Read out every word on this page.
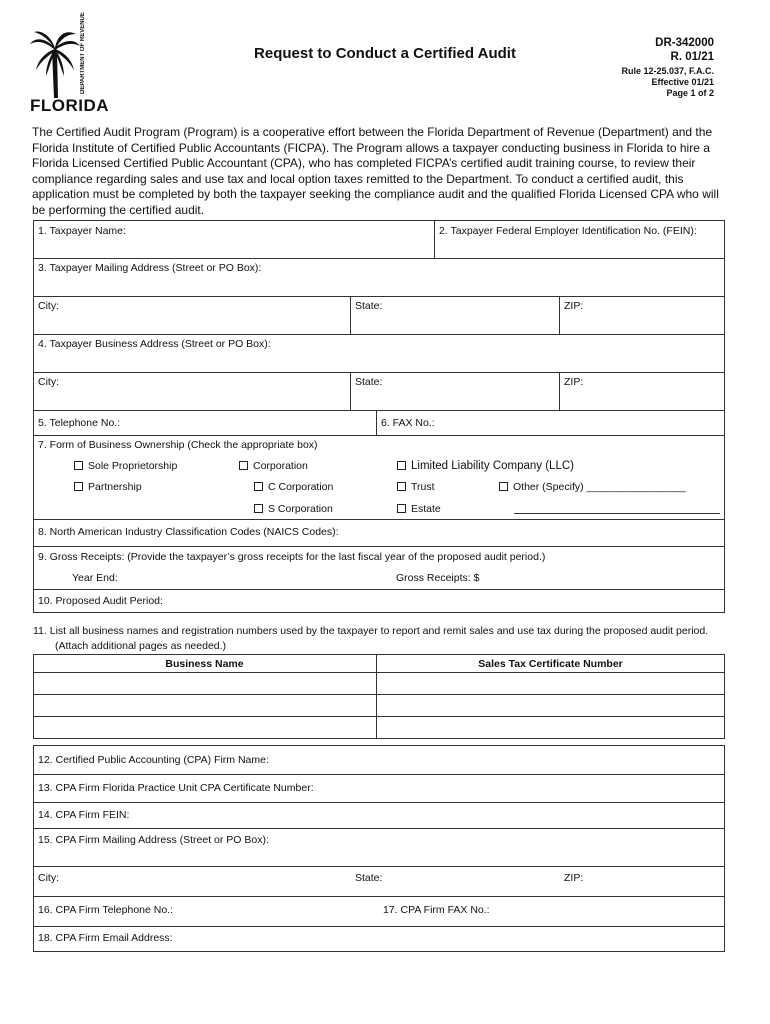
DEPARTMENT OF REVENUE
FLORIDA
Request to Conduct a Certified Audit
DR-342000
R. 01/21
Rule 12-25.037, F.A.C.
Effective 01/21
Page 1 of 2
The Certified Audit Program (Program) is a cooperative effort between the Florida Department of Revenue (Department) and the Florida Institute of Certified Public Accountants (FICPA). The Program allows a taxpayer conducting business in Florida to hire a Florida Licensed Certified Public Accountant (CPA), who has completed FICPA’s certified audit training course, to review their compliance regarding sales and use tax and local option taxes remitted to the Department. To conduct a certified audit, this application must be completed by both the taxpayer seeking the compliance audit and the qualified Florida Licensed CPA who will be performing the certified audit.
1. Taxpayer Name:	2. Taxpayer Federal Employer Identification No. (FEIN):
3. Taxpayer Mailing Address (Street or PO Box):
City:	State:	ZIP:
4. Taxpayer Business Address (Street or PO Box):
City:	State:	ZIP:
5. Telephone No.:	6. FAX No.:
7. Form of Business Ownership (Check the appropriate box)
Sole Proprietorship	Corporation	Limited Liability Company (LLC)
Partnership	C Corporation	Trust	Other (Specify) _________________
S Corporation	Estate
8. North American Industry Classification Codes (NAICS Codes):
9. Gross Receipts: (Provide the taxpayer’s gross receipts for the last fiscal year of the proposed audit period.)
Year End:	Gross Receipts: $
10. Proposed Audit Period:
11. List all business names and registration numbers used by the taxpayer to report and remit sales and use tax during the proposed audit period. (Attach additional pages as needed.)
Business Name	Sales Tax Certificate Number
12. Certified Public Accounting (CPA) Firm Name:
13. CPA Firm Florida Practice Unit CPA Certificate Number:
14. CPA Firm FEIN:
15. CPA Firm Mailing Address (Street or PO Box):
City:	State:	ZIP:
16. CPA Firm Telephone No.:	17. CPA Firm FAX No.:
18. CPA Firm Email Address:
